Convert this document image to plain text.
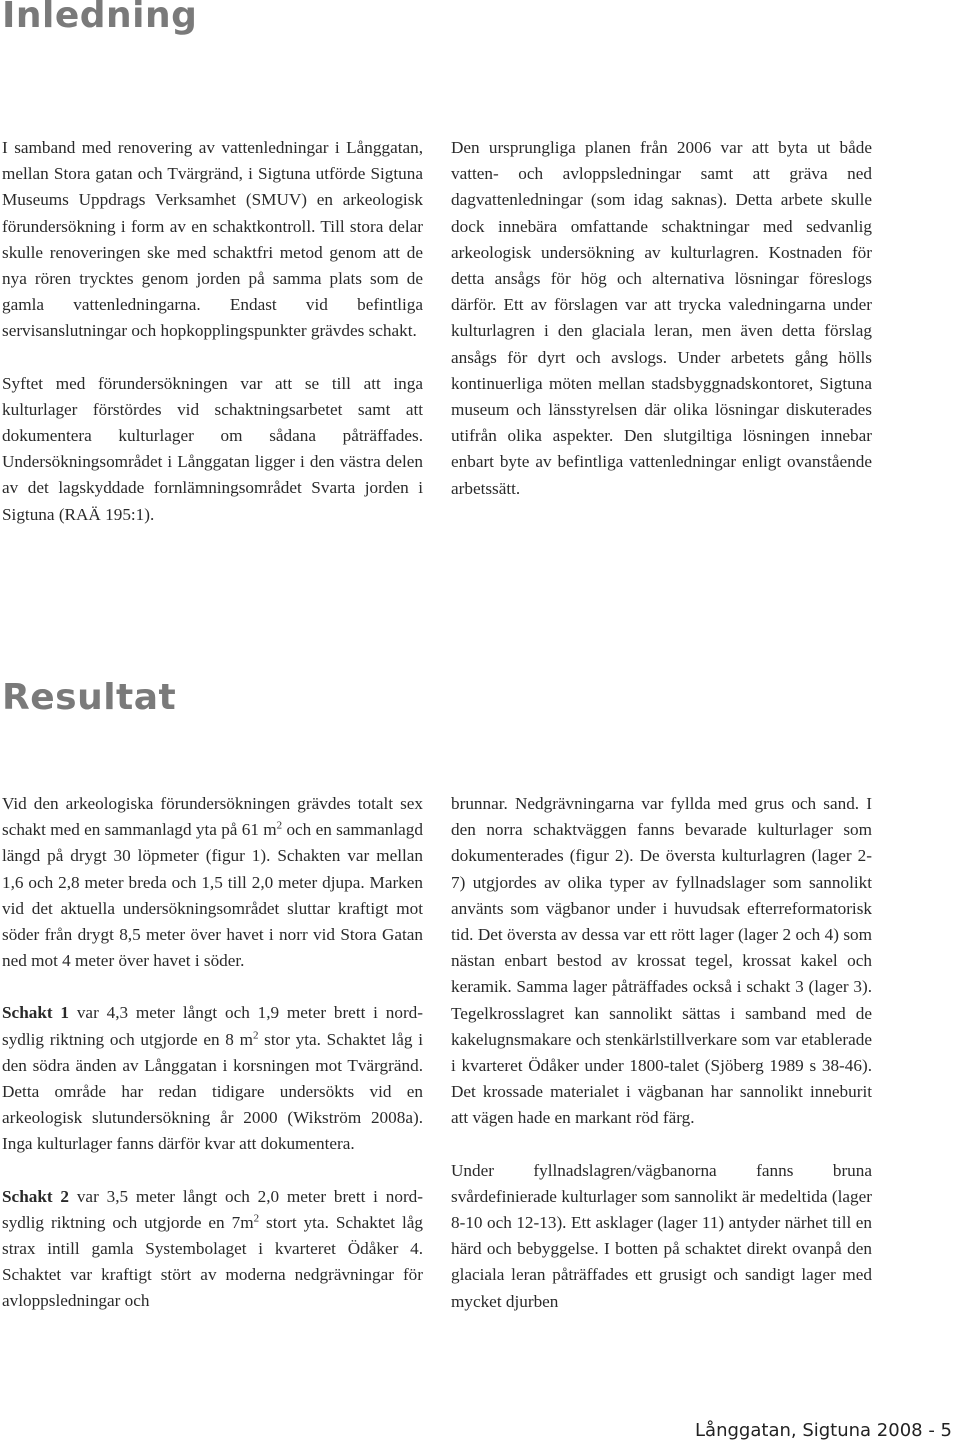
Inledning

I samband med renovering av vattenledningar i Långgatan, mellan Stora gatan och Tvärgränd, i Sigtuna utförde Sigtuna Museums Uppdrags Verksamhet (SMUV) en arkeologisk förundersökning i form av en schaktkontroll. Till stora delar skulle renoveringen ske med schaktfri metod genom att de nya rören trycktes genom jorden på samma plats som de gamla vattenledningarna. Endast vid befintliga servisanslutningar och hopkopplingspunkter grävdes schakt.

Syftet med förundersökningen var att se till att inga kulturlager förstördes vid schaktningsarbetet samt att dokumentera kulturlager om sådana påträffades. Undersökningsområdet i Långgatan ligger i den västra delen av det lagskyddade fornlämningsområdet Svarta jorden i Sigtuna (RAÄ 195:1).

Den ursprungliga planen från 2006 var att byta ut både vatten- och avloppsledningar samt att gräva ned dagvattenledningar (som idag saknas). Detta arbete skulle dock innebära omfattande schaktningar med sedvanlig arkeologisk undersökning av kulturlagren. Kostnaden för detta ansågs för hög och alternativa lösningar föreslogs därför. Ett av förslagen var att trycka valedningarna under kulturlagren i den glaciala leran, men även detta förslag ansågs för dyrt och avslogs. Under arbetets gång hölls kontinuerliga möten mellan stadsbyggnadskontoret, Sigtuna museum och länsstyrelsen där olika lösningar diskuterades utifrån olika aspekter. Den slutgiltiga lösningen innebar enbart byte av befintliga vattenledningar enligt ovanstående arbetssätt.

Resultat

Vid den arkeologiska förundersökningen grävdes totalt sex schakt med en sammanlagd yta på 61 $m^2$ och en sammanlagd längd på drygt 30 löpmeter (figur 1). Schakten var mellan 1,6 och 2,8 meter breda och 1,5 till 2,0 meter djupa. Marken vid det aktuella undersökningsområdet sluttar kraftigt mot söder från drygt 8,5 meter över havet i norr vid Stora Gatan ned mot 4 meter över havet i söder.

Schakt 1 var 4,3 meter långt och 1,9 meter brett i nord-sydlig riktning och utgjorde en 8 $m^2$ stor yta. Schaktet låg i den södra änden av Långgatan i korsningen mot Tvärgränd. Detta område har redan tidigare undersökts vid en arkeologisk slutundersökning år 2000 (Wikström 2008a). Inga kulturlager fanns därför kvar att dokumentera.

Schakt 2 var 3,5 meter långt och 2,0 meter brett i nord-sydlig riktning och utgjorde en $7m^2$ stort yta. Schaktet låg strax intill gamla Systembolaget i kvarteret Ödåker 4. Schaktet var kraftigt stört av moderna nedgrävningar för avloppsledningar och

brunnar. Nedgrävningarna var fyllda med grus och sand. I den norra schaktväggen fanns bevarade kulturlager som dokumenterades (figur 2). De översta kulturlagren (lager 2-7) utgjordes av olika typer av fyllnadslager som sannolikt använts som vägbanor under i huvudsak efterreformatorisk tid. Det översta av dessa var ett rött lager (lager 2 och 4) som nästan enbart bestod av krossat tegel, krossat kakel och keramik. Samma lager påträffades också i schakt 3 (lager 3). Tegelkrosslagret kan sannolikt sättas i samband med de kakelugnsmakare och stenkärlstillverkare som var etablerade i kvarteret Ödåker under 1800-talet (Sjöberg 1989 s 38-46). Det krossade materialet i vägbanan har sannolikt inneburit att vägen hade en markant röd färg.

Under fyllnadslagren/vägbanorna fanns bruna svårdefinierade kulturlager som sannolikt är medeltida (lager 8-10 och 12-13). Ett asklager (lager 11) antyder närhet till en härd och bebyggelse. I botten på schaktet direkt ovanpå den glaciala leran påträffades ett grusigt och sandigt lager med mycket djurben

Långgatan, Sigtuna 2008 - 5
